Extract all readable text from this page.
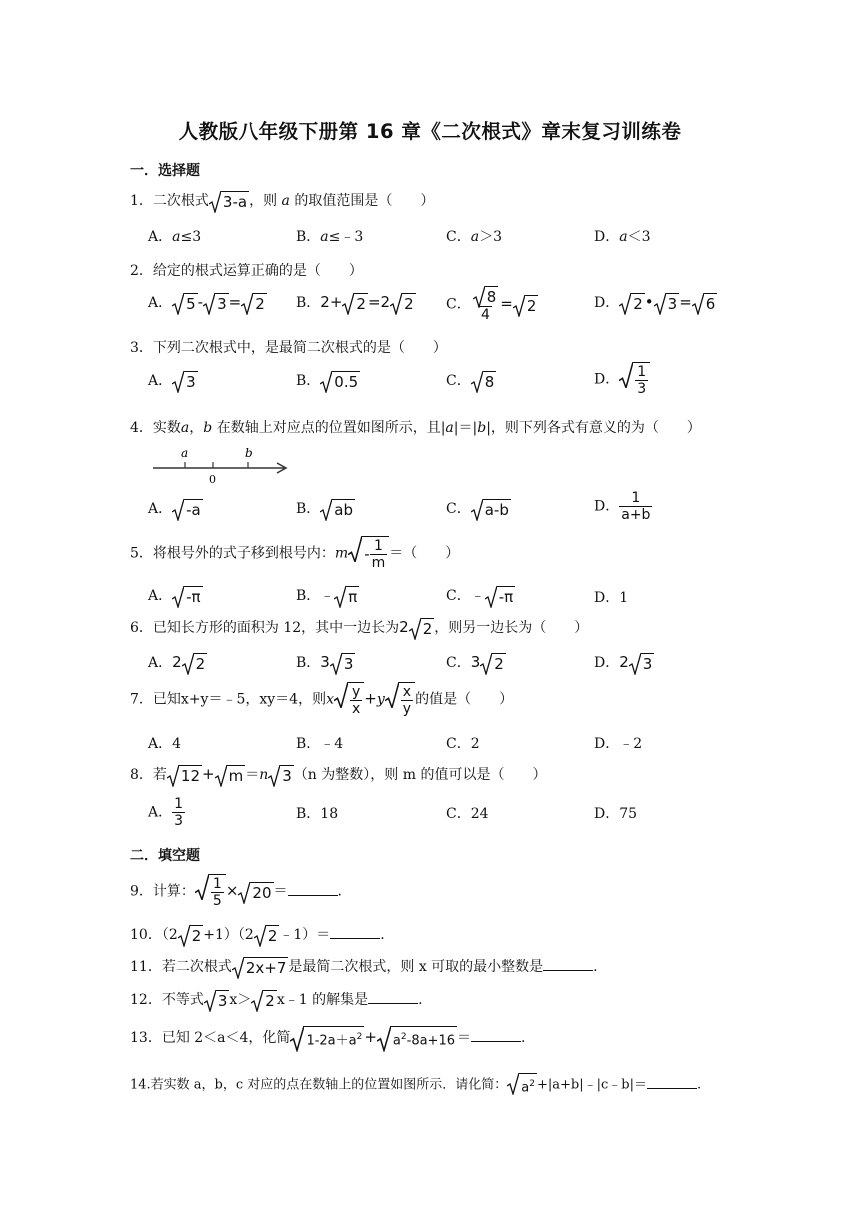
人教版八年级下册第 16 章《二次根式》章末复习训练卷
一．选择题
1．二次根式 3-a ，则 a 的取值范围是（　　）
A．a≤3	B．a≤﹣3	C．a＞3	D．a＜3
2．给定的根式运算正确的是（　　）
A． 5 - 3 = 2 B．2+ 2 =2 2 C． $\frac{8}{4} = 2$	D． 2 • 3 = 6
3．下列二次根式中，是最简二次根式的是（　　）
A． 3	B． 0.5	C． 8	D． $\frac{1}{3}$
4．实数a，b 在数轴上对应点的位置如图所示，且|a|＝|b|，则下列各式有意义的为（　　）
a
0
b
A． -a	B． ab	C． a-b	D． $\frac{1}{a+b}$
5．将根号外的式子移到根号内：m - $\frac{1}{m}$ ＝（　　）
A． -π	B．﹣ π	C．﹣ -π	D．1
6．已知长方形的面积为 12，其中一边长为2 2 ，则另一边长为（　　）
A．2 2	B．3 3	C．3 2	D．2 3
7．已知x+y＝﹣5，xy＝4，则x $\frac{y}{x} +y \frac{x}{y}$ 的值是（　　）
A．4	B．﹣4	C．2	D．﹣2
8．若 12 + m ＝n 3 （n 为整数），则 m 的值可以是（　　）
A． $\frac{1}{3}$	B．18	C．24	D．75
二．填空题
9．计算： $\frac{1}{5} \times 20$ ＝	.
10．（2 2 +1）（2 2 ﹣1）＝	.
11．若二次根式 2x+7 是最简二次根式，则 x 可取的最小整数是	.
12．不等式 3 x＞ 2 x﹣1 的解集是	.
13．已知 2＜a＜4，化简 $1-2a+a^2 + a^2-8a+16$ ＝	.
14.若实数 a，b，c 对应的点在数轴上的位置如图所示．请化简： $a^2$ +|a+b|﹣|c﹣b|＝	.
